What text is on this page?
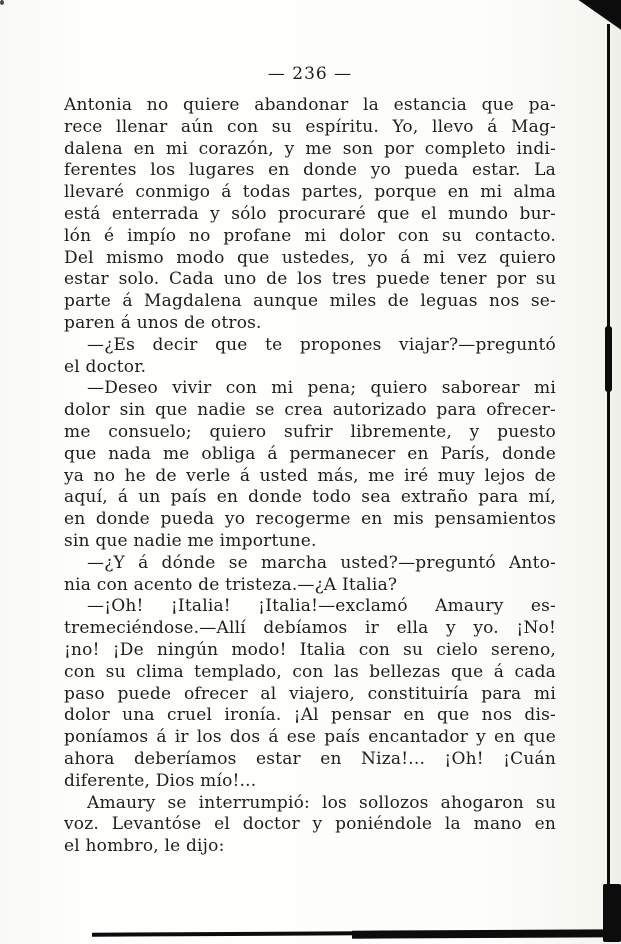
— 236 —

Antonia no quiere abandonar la estancia que pa-
rece llenar aún con su espíritu. Yo, llevo á Mag-
dalena en mi corazón, y me son por completo indi-
ferentes los lugares en donde yo pueda estar. La
llevaré conmigo á todas partes, porque en mi alma
está enterrada y sólo procuraré que el mundo bur-
lón é impío no profane mi dolor con su contacto.
Del mismo modo que ustedes, yo á mi vez quiero
estar solo. Cada uno de los tres puede tener por su
parte á Magdalena aunque miles de leguas nos se-
paren á unos de otros.

—¿Es decir que te propones viajar?—preguntó
el doctor.

—Deseo vivir con mi pena; quiero saborear mi
dolor sin que nadie se crea autorizado para ofrecer-
me consuelo; quiero sufrir libremente, y puesto
que nada me obliga á permanecer en París, donde
ya no he de verle á usted más, me iré muy lejos de
aquí, á un país en donde todo sea extraño para mí,
en donde pueda yo recogerme en mis pensamientos
sin que nadie me importune.

—¿Y á dónde se marcha usted?—preguntó Anto-
nia con acento de tristeza.—¿A Italia?

—¡Oh! ¡Italia! ¡Italia!—exclamó Amaury es-
tremeciéndose.—Allí debíamos ir ella y yo. ¡No!
¡no! ¡De ningún modo! Italia con su cielo sereno,
con su clima templado, con las bellezas que á cada
paso puede ofrecer al viajero, constituiría para mi
dolor una cruel ironía. ¡Al pensar en que nos dis-
poníamos á ir los dos á ese país encantador y en que
ahora deberíamos estar en Niza!... ¡Oh! ¡Cuán
diferente, Dios mío!...

Amaury se interrumpió: los sollozos ahogaron su
voz. Levantóse el doctor y poniéndole la mano en
el hombro, le dijo:
